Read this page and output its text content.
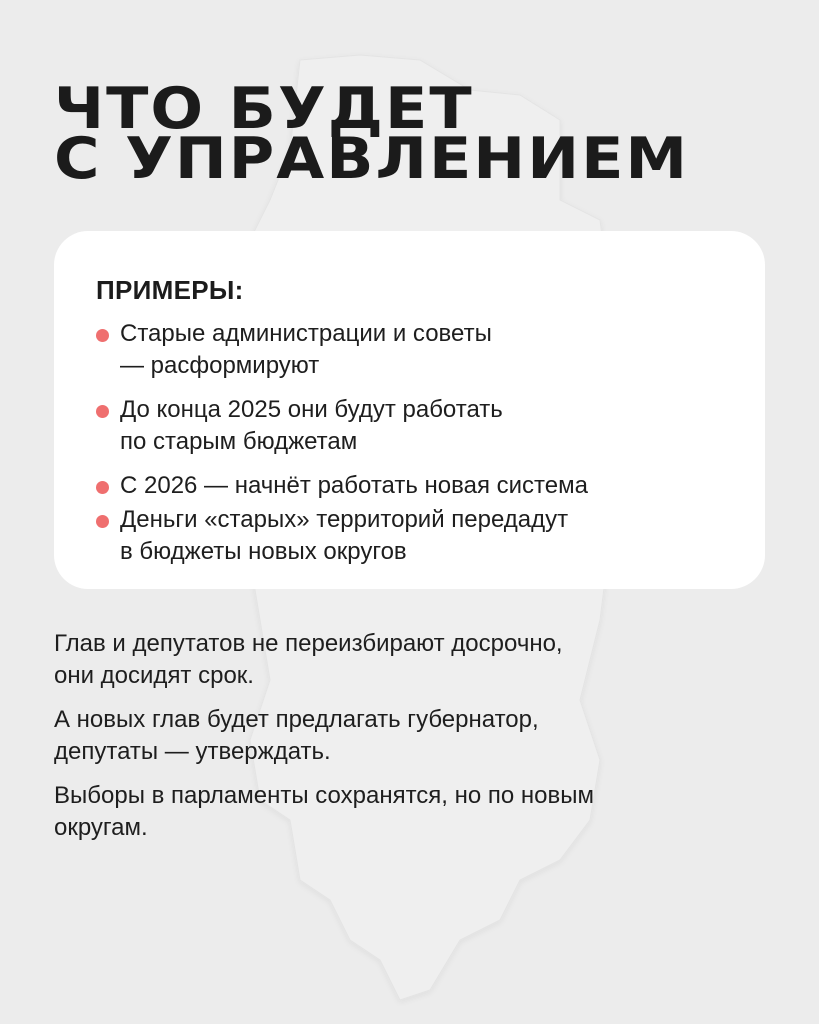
ЧТО БУДЕТ
С УПРАВЛЕНИЕМ
ПРИМЕРЫ:
Старые администрации и советы
— расформируют
До конца 2025 они будут работать
по старым бюджетам
С 2026 — начнёт работать новая система
Деньги «старых» территорий передадут
в бюджеты новых округов

Глав и депутатов не переизбирают досрочно,
они досидят срок.

А новых глав будет предлагать губернатор,
депутаты — утверждать.

Выборы в парламенты сохранятся, но по новым
округам.
